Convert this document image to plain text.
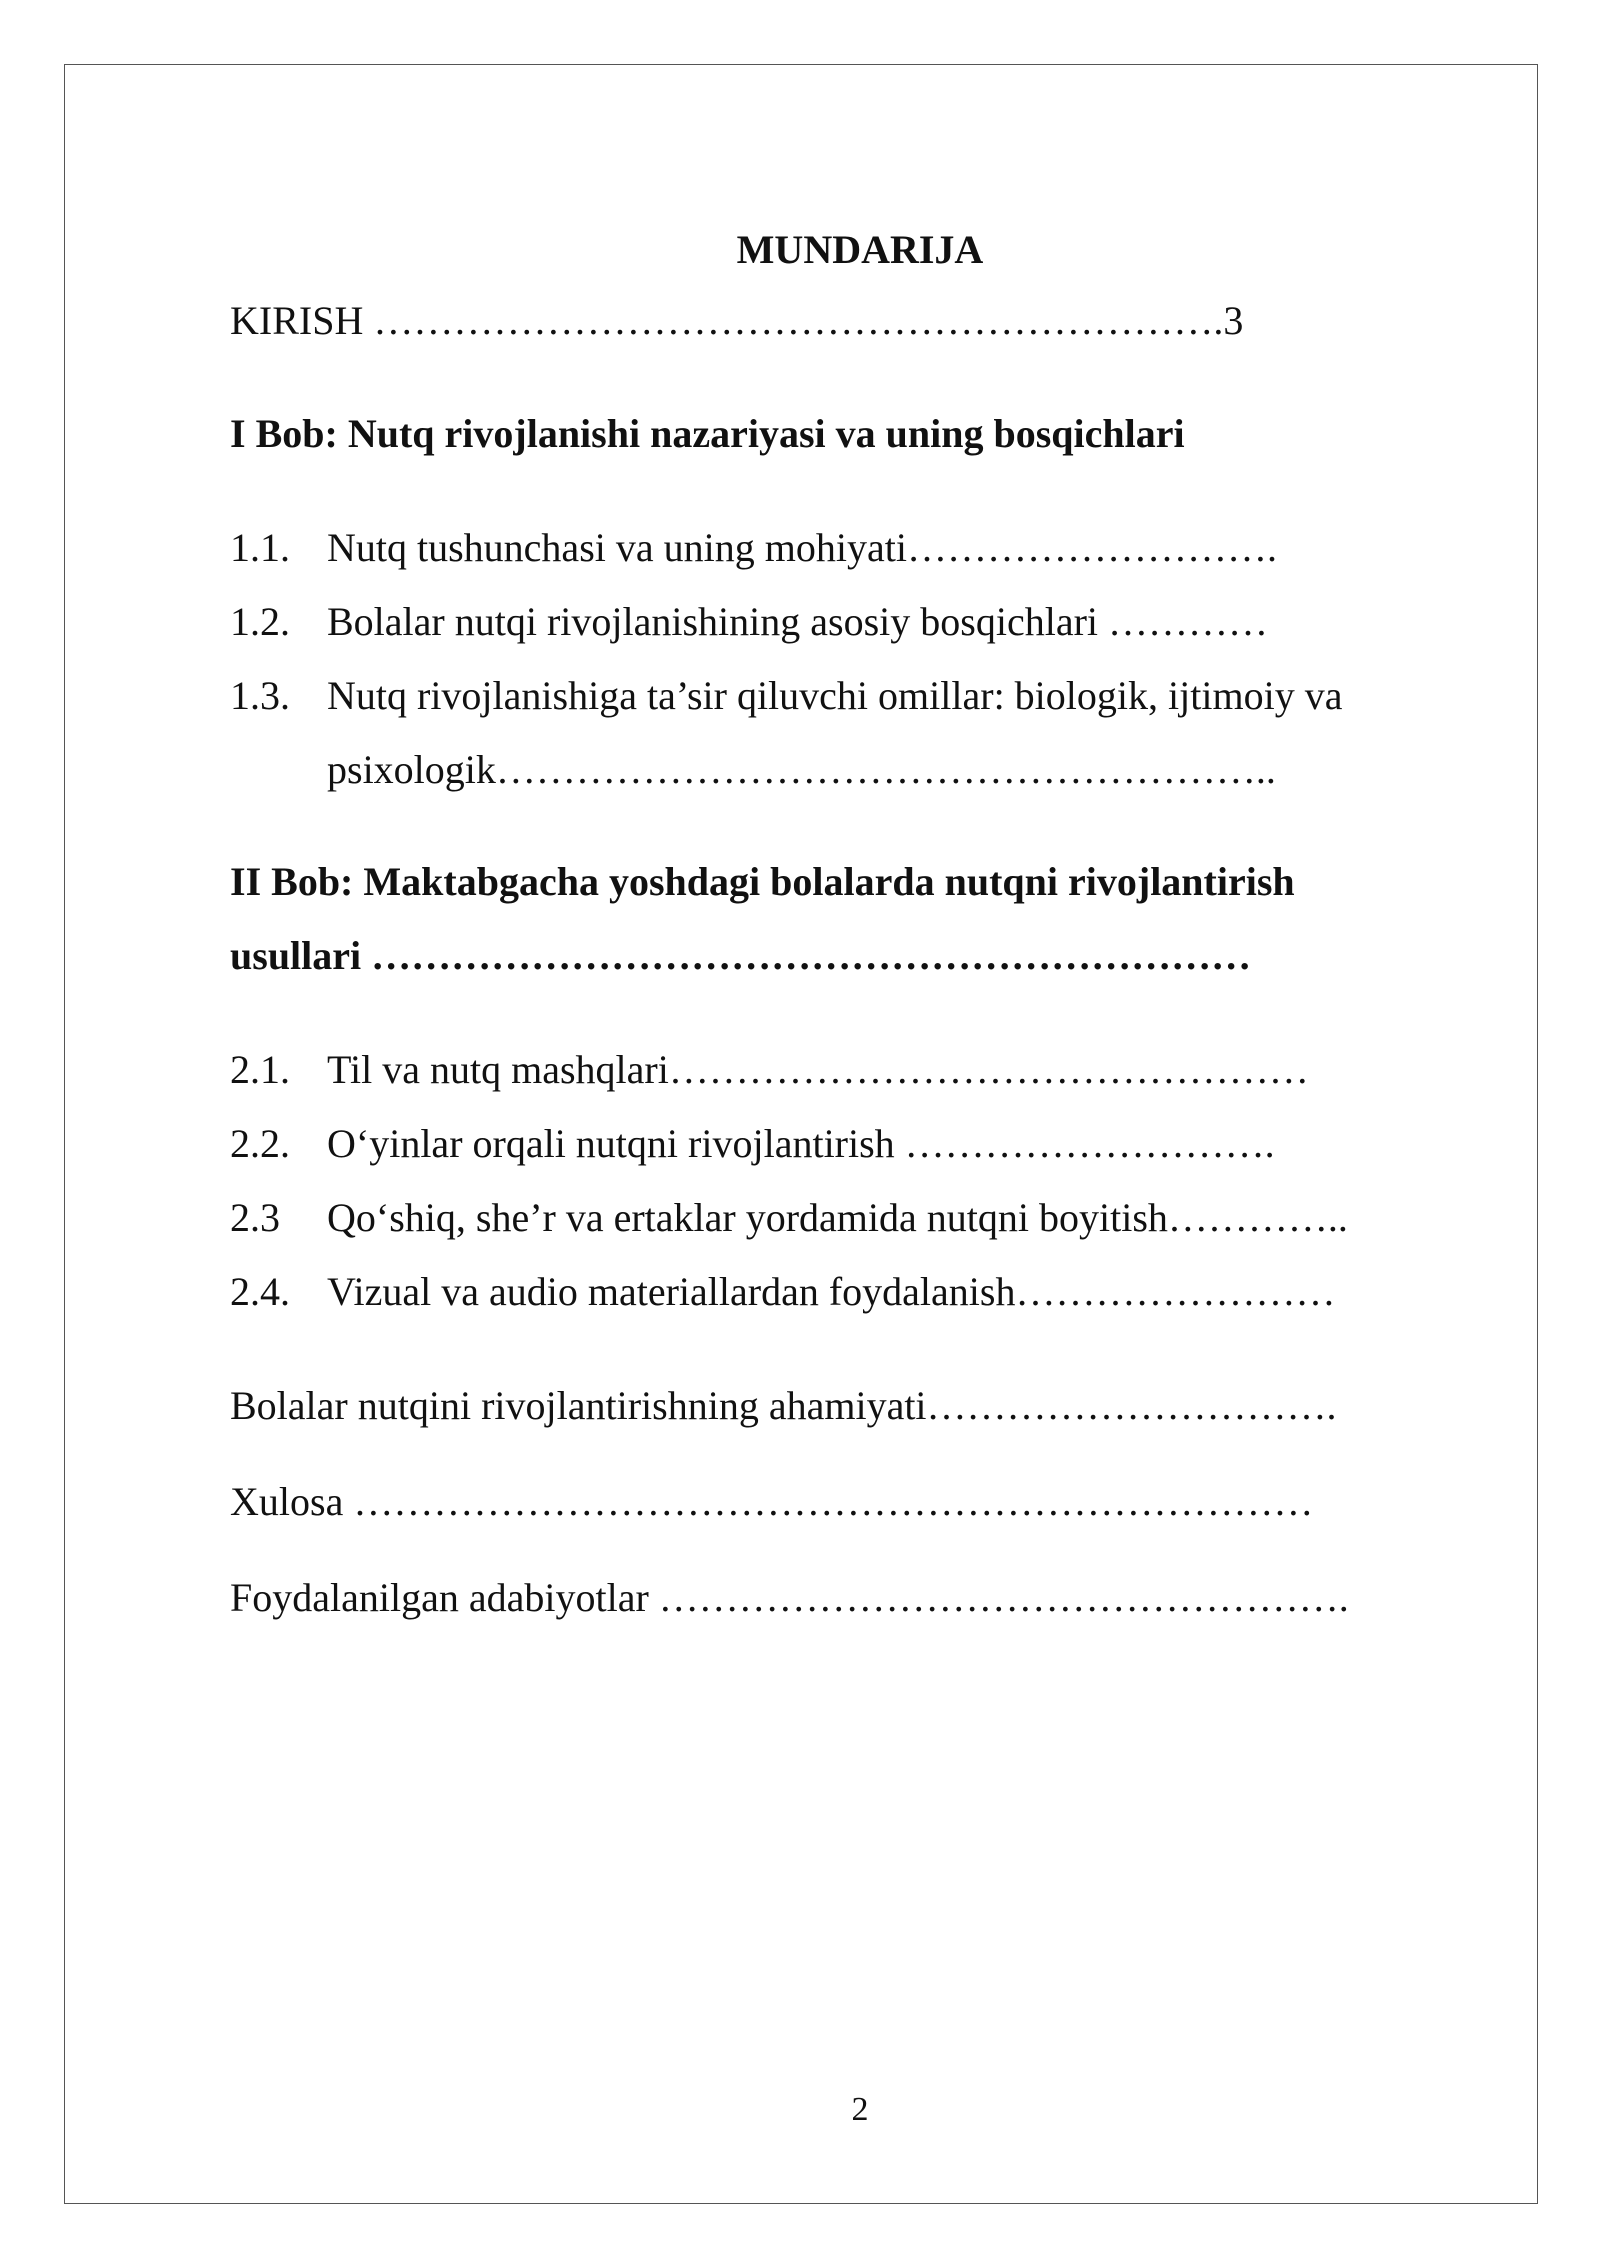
MUNDARIJA
KIRISH ……………………………………………………….3
I Bob: Nutq rivojlanishi nazariyasi va uning bosqichlari
1.1. Nutq tushunchasi va uning mohiyati……………………….
1.2. Bolalar nutqi rivojlanishining asosiy bosqichlari …………
1.3. Nutq rivojlanishiga ta’sir qiluvchi omillar: biologik, ijtimoiy va
psixologik…………………………………………………..
II Bob: Maktabgacha yoshdagi bolalarda nutqni rivojlantirish
usullari …………………………………………………………
2.1. Til va nutq mashqlari…………………………………………
2.2. O‘yinlar orqali nutqni rivojlantirish ……………………….
2.3 Qo‘shiq, she’r va ertaklar yordamida nutqni boyitish…………..
2.4. Vizual va audio materiallardan foydalanish……………………
Bolalar nutqini rivojlantirishning ahamiyati………………………….
Xulosa ………………………………………………………………
Foydalanilgan adabiyotlar …………………………………………….
2
